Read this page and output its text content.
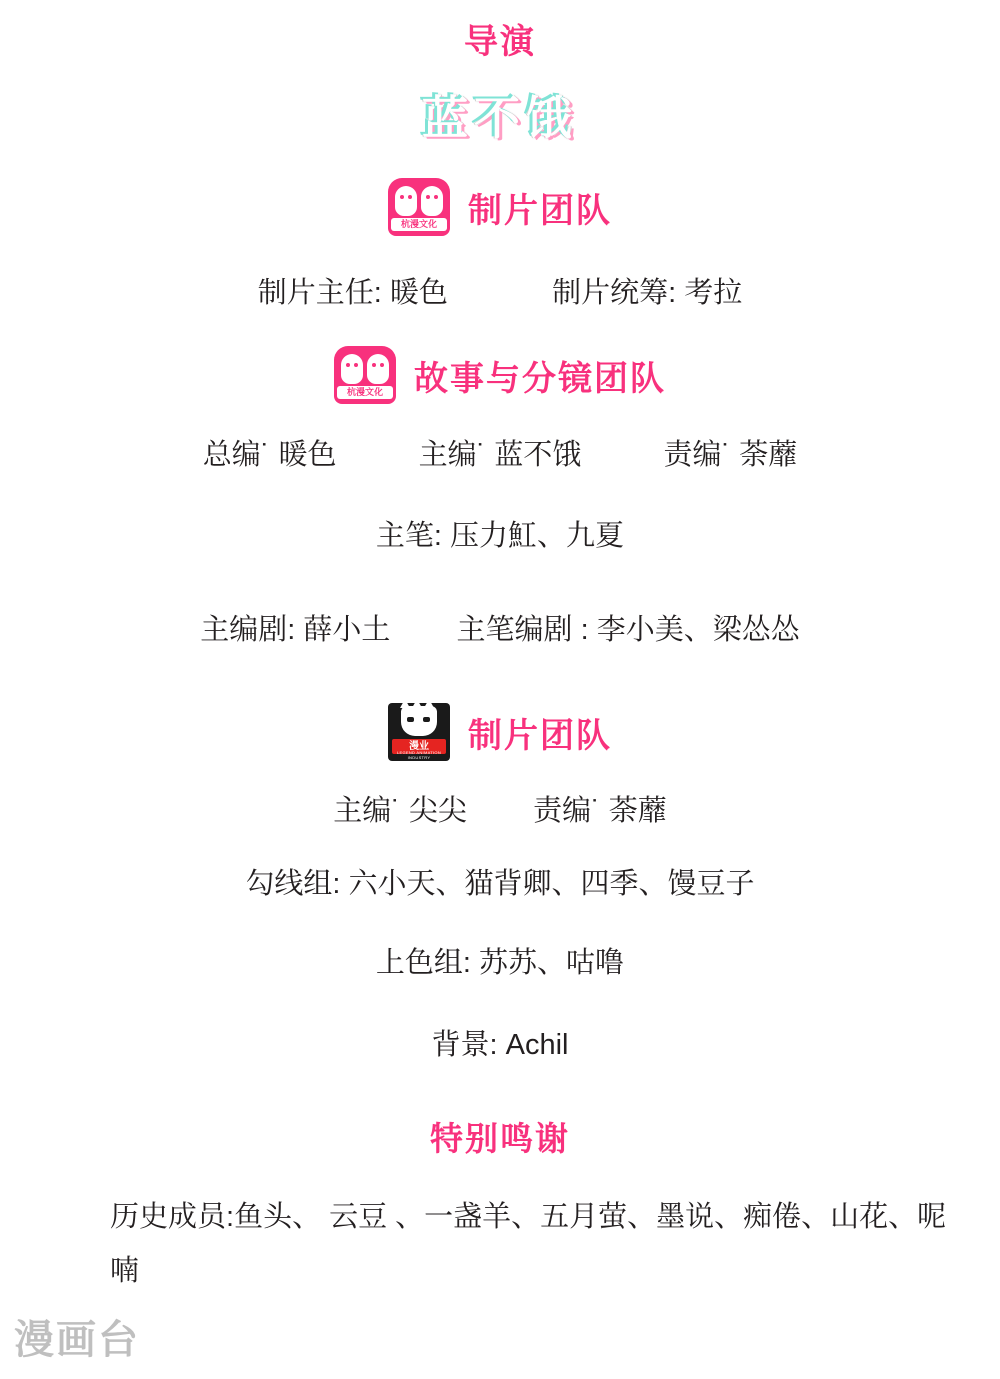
导演
蓝不饿
杭漫文化 制片团队
制片主任: 暖色	制片统筹: 考拉
杭漫文化 故事与分镜团队
总编˙ 暖色	主编˙ 蓝不饿	责编˙ 荼蘼
主笔: 压力魟、九夏
主编剧: 薛小土 主笔编剧 : 李小美、梁怂怂
漫业
LEGEND ANIMATION INDUSTRY
制片团队
主编˙ 尖尖 责编˙ 荼蘼
勾线组: 六小天、猫背卿、四季、馒豆子
上色组: 苏苏、咕噜
背景: Achil
特别鸣谢
历史成员:鱼头、 云豆 、一盏羊、五月萤、墨说、痴倦、山花、呢喃
漫画台
